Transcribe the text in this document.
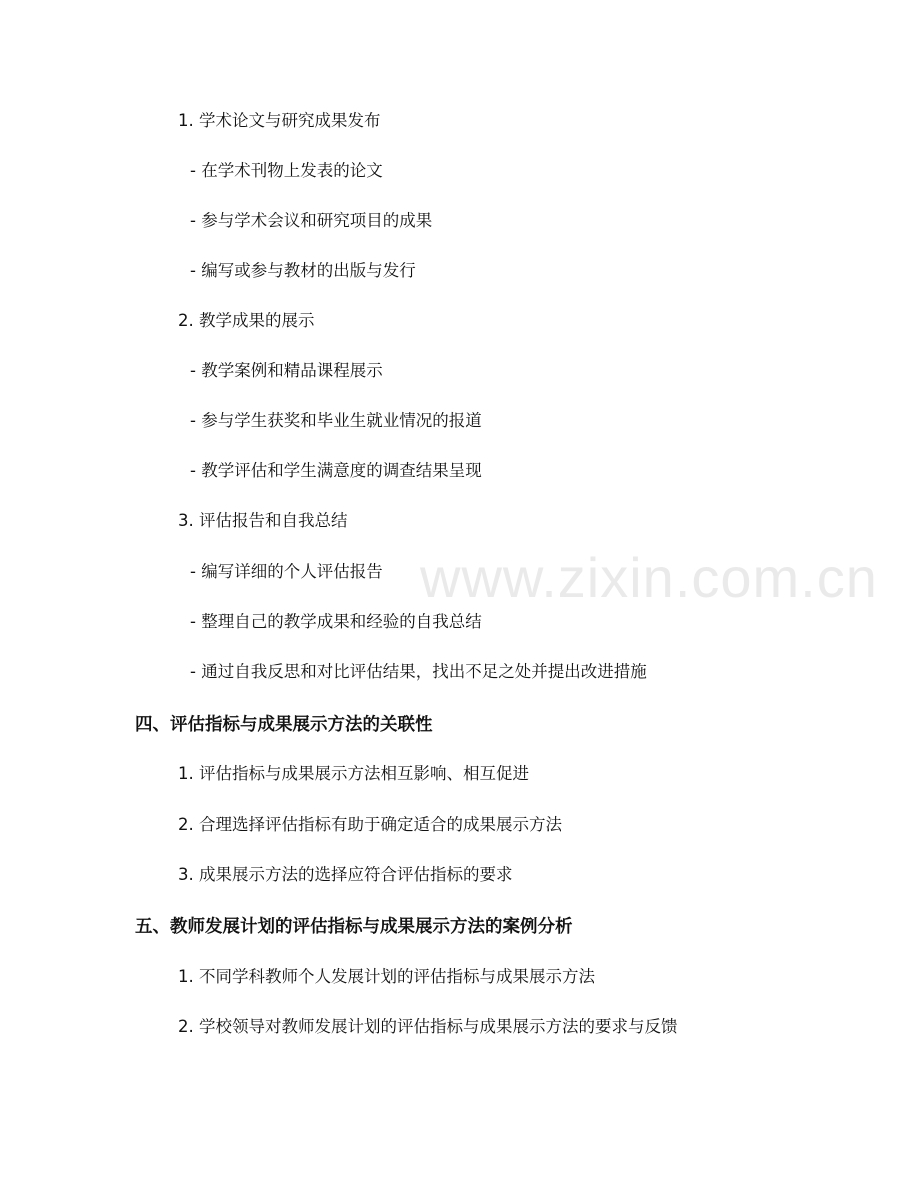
www.zixin.com.cn
1. 学术论文与研究成果发布
- 在学术刊物上发表的论文
- 参与学术会议和研究项目的成果
- 编写或参与教材的出版与发行
2. 教学成果的展示
- 教学案例和精品课程展示
- 参与学生获奖和毕业生就业情况的报道
- 教学评估和学生满意度的调查结果呈现
3. 评估报告和自我总结
- 编写详细的个人评估报告
- 整理自己的教学成果和经验的自我总结
- 通过自我反思和对比评估结果，找出不足之处并提出改进措施
四、评估指标与成果展示方法的关联性
1. 评估指标与成果展示方法相互影响、相互促进
2. 合理选择评估指标有助于确定适合的成果展示方法
3. 成果展示方法的选择应符合评估指标的要求
五、教师发展计划的评估指标与成果展示方法的案例分析
1. 不同学科教师个人发展计划的评估指标与成果展示方法
2. 学校领导对教师发展计划的评估指标与成果展示方法的要求与反馈
